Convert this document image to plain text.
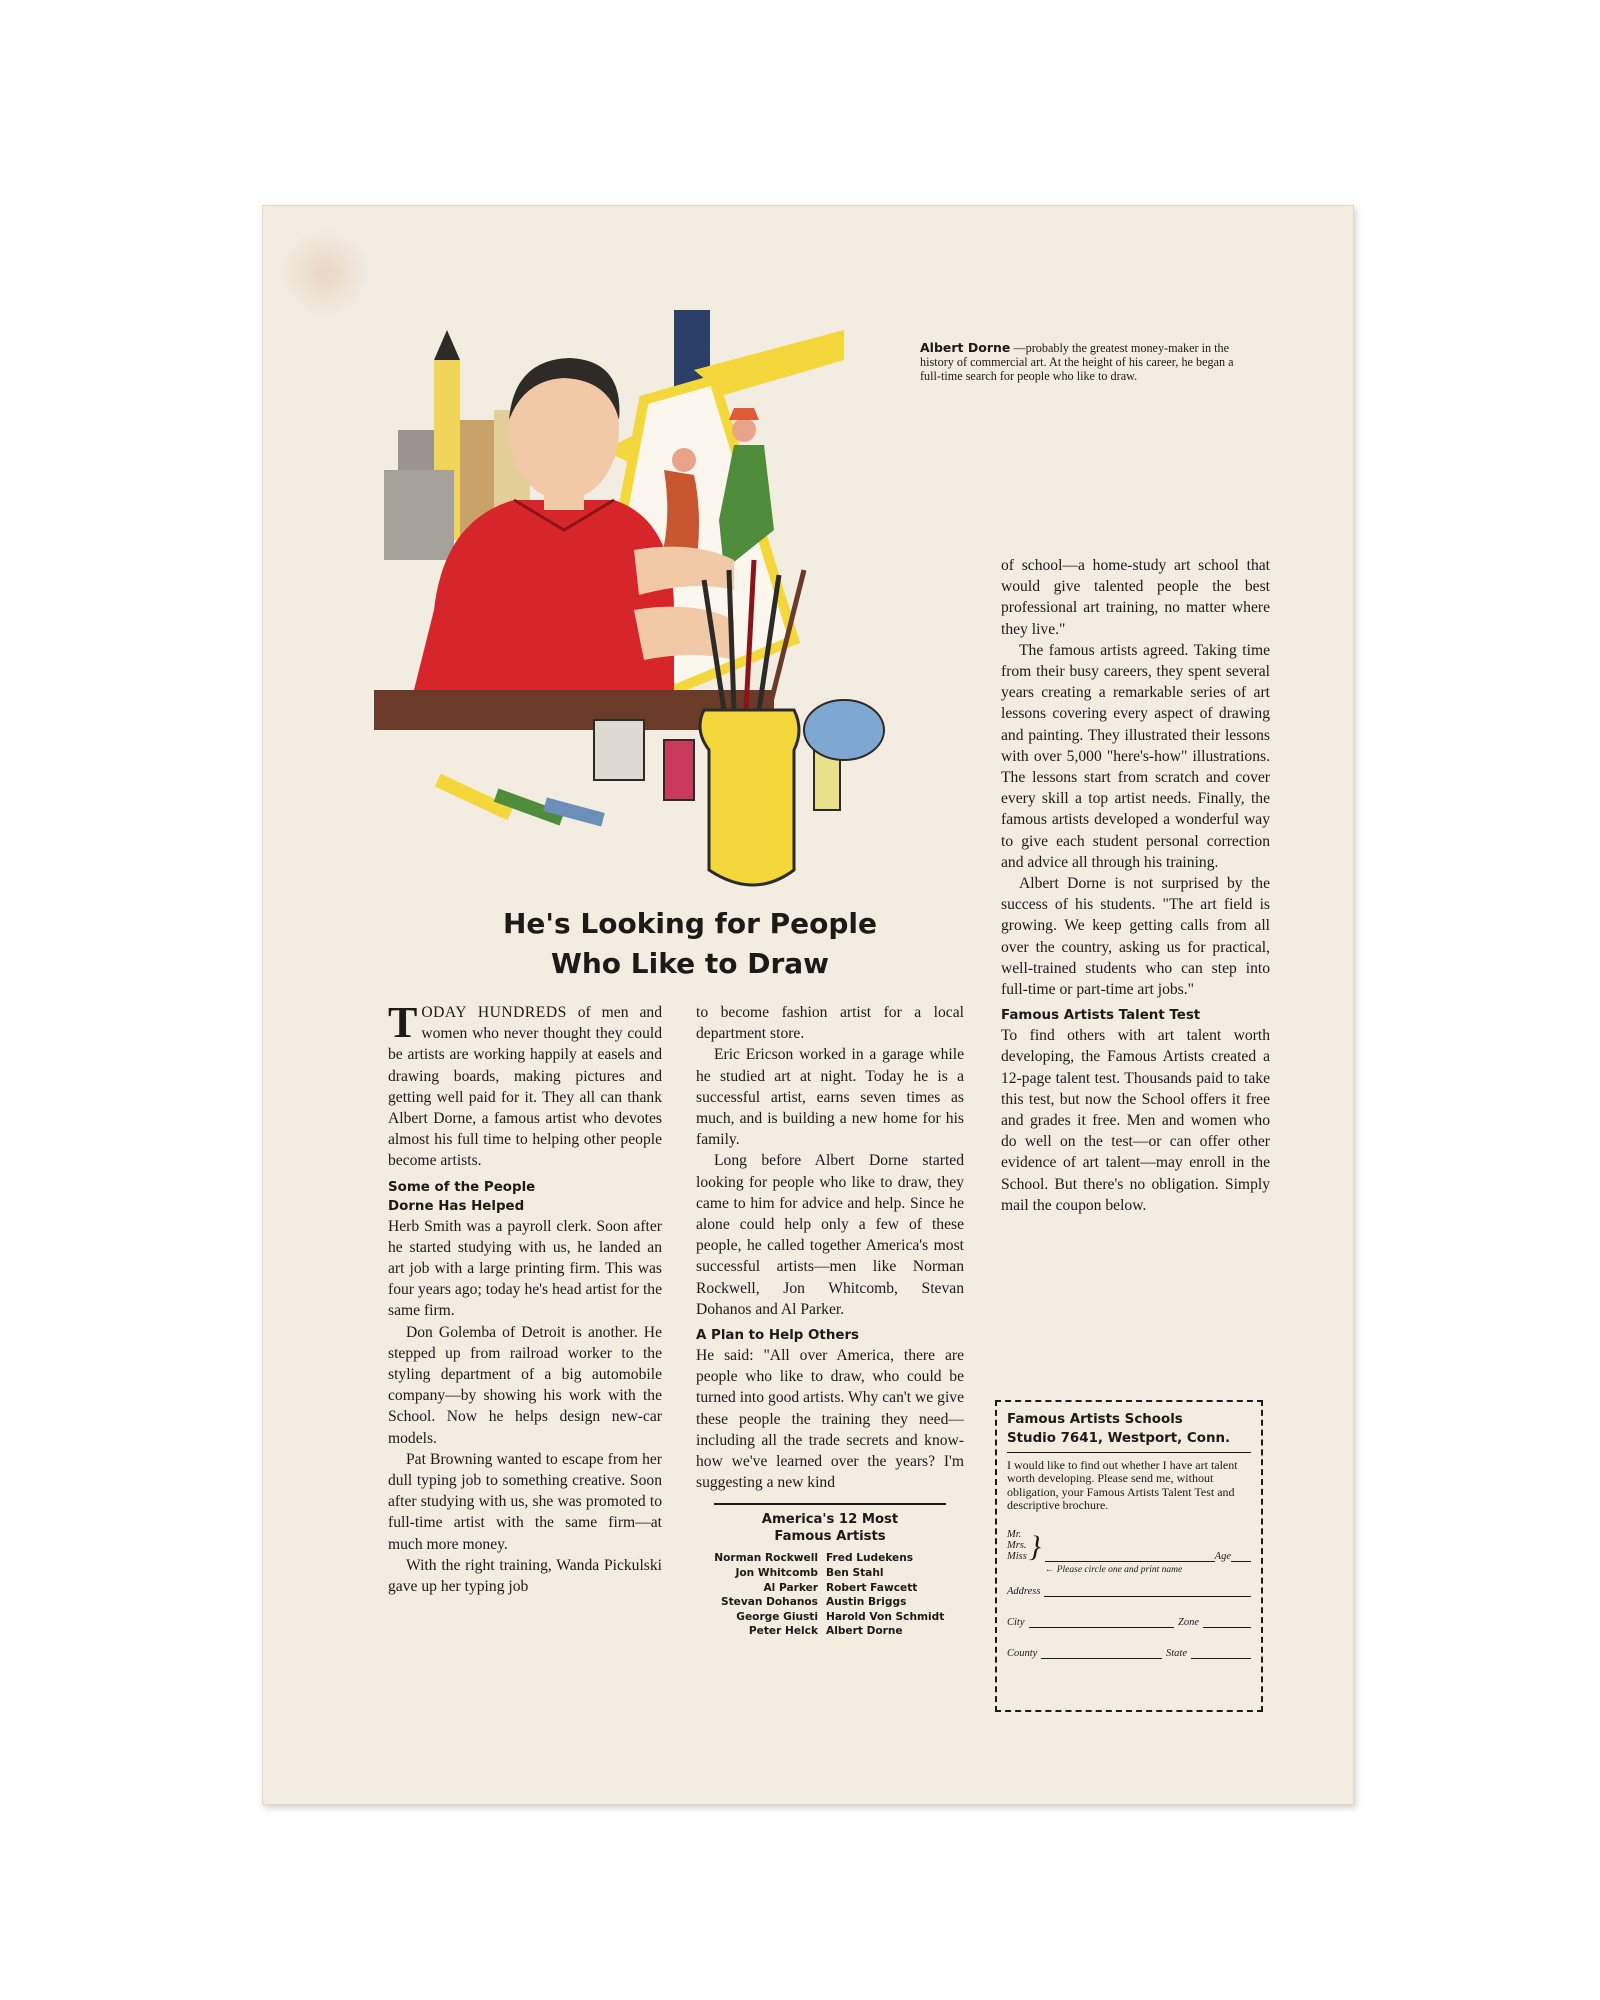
Albert Dorne —probably the greatest money-maker in the history of commercial art. At the height of his career, he began a full-time search for people who like to draw.
He's Looking for People
Who Like to Draw

TODAY HUNDREDS of men and women who never thought they could be artists are working happily at easels and drawing boards, making pictures and getting well paid for it. They all can thank Albert Dorne, a famous artist who devotes almost his full time to helping other people become artists.

Some of the People
Dorne Has Helped

Herb Smith was a payroll clerk. Soon after he started studying with us, he landed an art job with a large printing firm. This was four years ago; today he's head artist for the same firm.

Don Golemba of Detroit is another. He stepped up from railroad worker to the styling department of a big automobile company—by showing his work with the School. Now he helps design new-car models.

Pat Browning wanted to escape from her dull typing job to something creative. Soon after studying with us, she was promoted to full-time artist with the same firm—at much more money.

With the right training, Wanda Pickulski gave up her typing job

to become fashion artist for a local department store.

Eric Ericson worked in a garage while he studied art at night. Today he is a successful artist, earns seven times as much, and is building a new home for his family.

Long before Albert Dorne started looking for people who like to draw, they came to him for advice and help. Since he alone could help only a few of these people, he called together America's most successful artists—men like Norman Rockwell, Jon Whitcomb, Stevan Dohanos and Al Parker.

A Plan to Help Others

He said: "All over America, there are people who like to draw, who could be turned into good artists. Why can't we give these people the training they need—including all the trade secrets and know-how we've learned over the years? I'm suggesting a new kind

America's 12 Most
Famous Artists
Norman Rockwell Fred Ludekens
Jon Whitcomb Ben Stahl
Al Parker Robert Fawcett
Stevan Dohanos Austin Briggs
George Giusti Harold Von Schmidt
Peter Helck Albert Dorne

of school—a home-study art school that would give talented people the best professional art training, no matter where they live."

The famous artists agreed. Taking time from their busy careers, they spent several years creating a remarkable series of art lessons covering every aspect of drawing and painting. They illustrated their lessons with over 5,000 "here's-how" illustrations. The lessons start from scratch and cover every skill a top artist needs. Finally, the famous artists developed a wonderful way to give each student personal correction and advice all through his training.

Albert Dorne is not surprised by the success of his students. "The art field is growing. We keep getting calls from all over the country, asking us for practical, well-trained students who can step into full-time or part-time art jobs."

Famous Artists Talent Test

To find others with art talent worth developing, the Famous Artists created a 12-page talent test. Thousands paid to take this test, but now the School offers it free and grades it free. Men and women who do well on the test—or can offer other evidence of art talent—may enroll in the School. But there's no obligation. Simply mail the coupon below.

Famous Artists Schools
Studio 7641, Westport, Conn.
I would like to find out whether I have art talent worth developing. Please send me, without obligation, your Famous Artists Talent Test and descriptive brochure.
Mr.
Mrs.
Miss }
← Please circle one and print name
Age
Address
City	Zone
County	State
